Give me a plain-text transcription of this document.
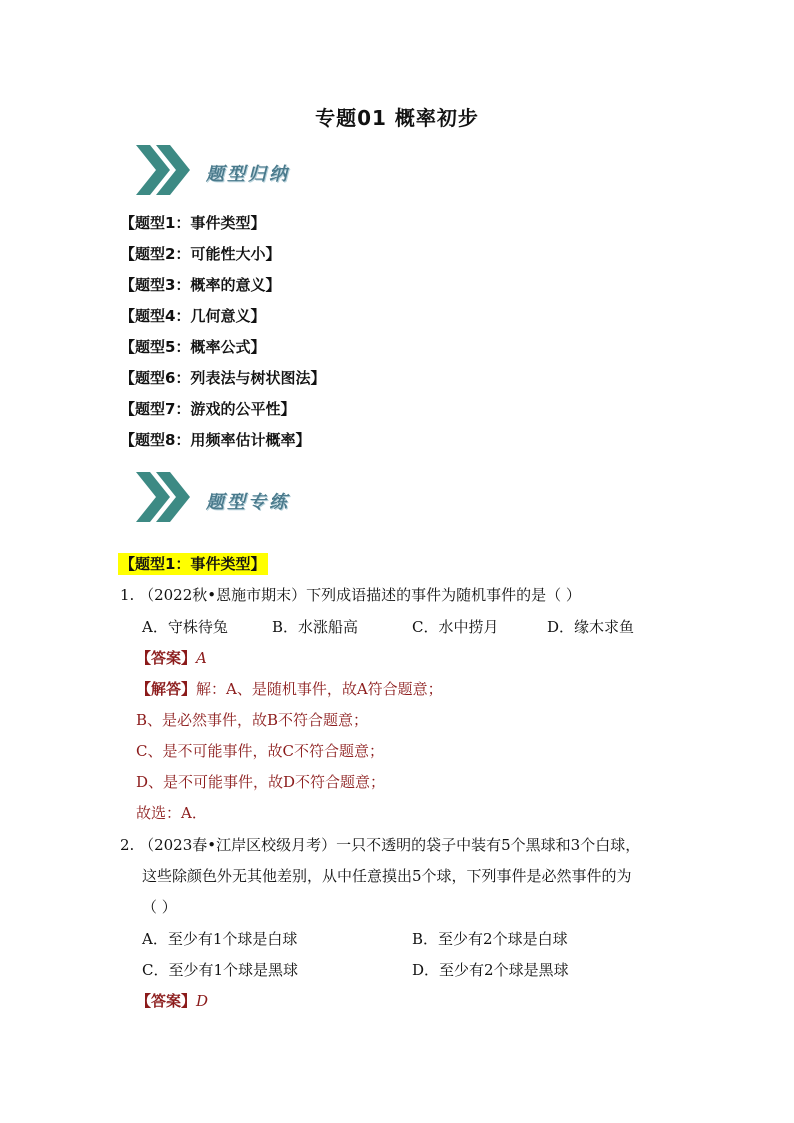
专题01 概率初步
题型归纳
【题型1：事件类型】
【题型2：可能性大小】
【题型3：概率的意义】
【题型4：几何意义】
【题型5：概率公式】
【题型6：列表法与树状图法】
【题型7：游戏的公平性】
【题型8：用频率估计概率】
题型专练
【题型1：事件类型】
1. （2022秋•恩施市期末）下列成语描述的事件为随机事件的是（ ）
A．守株待兔	B．水涨船高	C．水中捞月	D．缘木求鱼
【答案】A
【解答】解：A、是随机事件，故A符合题意；
B、是必然事件，故B不符合题意；
C、是不可能事件，故C不符合题意；
D、是不可能事件，故D不符合题意；
故选：A．
2. （2023春•江岸区校级月考）一只不透明的袋子中装有5个黑球和3个白球，
这些除颜色外无其他差别，从中任意摸出5个球，下列事件是必然事件的为
（ ）
A．至少有1个球是白球	B．至少有2个球是白球
C．至少有1个球是黑球	D．至少有2个球是黑球
【答案】D
